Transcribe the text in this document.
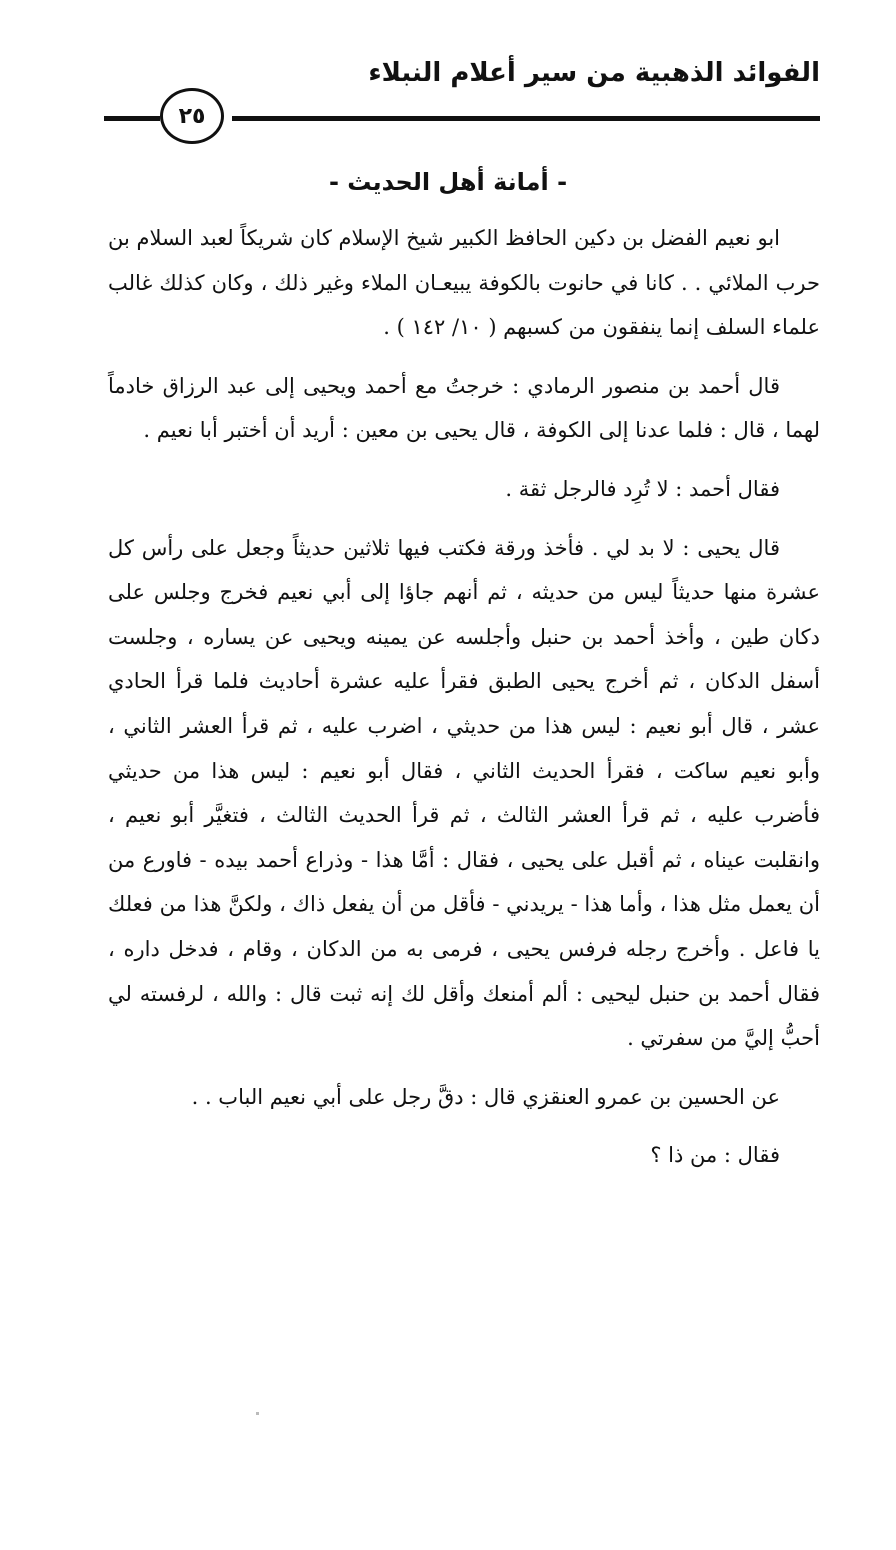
الفوائد الذهبية من سير أعلام النبلاء
٢٥
- أمانة أهل الحديث -

ابو نعيم الفضل بن دكين الحافظ الكبير شيخ الإسلام كان شريكاً لعبد السلام بن حرب الملائي . . كانا في حانوت بالكوفة يبيعـان الملاء وغير ذلك ، وكان كذلك غالب علماء السلف إنما ينفقون من كسبهم ( ١٠/ ١٤٢ ) .

قال أحمد بن منصور الرمادي : خرجتُ مع أحمد ويحيى إلى عبد الرزاق خادماً لهما ، قال : فلما عدنا إلى الكوفة ، قال يحيى بن معين : أريد أن أختبر أبا نعيم .

فقال أحمد : لا تُرِد فالرجل ثقة .

قال يحيى : لا بد لي . فأخذ ورقة فكتب فيها ثلاثين حديثاً وجعل على رأس كل عشرة منها حديثاً ليس من حديثه ، ثم أنهم جاؤا إلى أبي نعيم فخرج وجلس على دكان طين ، وأخذ أحمد بن حنبل وأجلسه عن يمينه ويحيى عن يساره ، وجلست أسفل الدكان ، ثم أخرج يحيى الطبق فقرأ عليه عشرة أحاديث فلما قرأ الحادي عشر ، قال أبو نعيم : ليس هذا من حديثي ، اضرب عليه ، ثم قرأ العشر الثاني ، وأبو نعيم ساكت ، فقرأ الحديث الثاني ، فقال أبو نعيم : ليس هذا من حديثي فأضرب عليه ، ثم قرأ العشر الثالث ، ثم قرأ الحديث الثالث ، فتغيَّر أبو نعيم ، وانقلبت عيناه ، ثم أقبل على يحيى ، فقال : أمَّا هذا - وذراع أحمد بيده - فاورع من أن يعمل مثل هذا ، وأما هذا - يريدني - فأقل من أن يفعل ذاك ، ولكنَّ هذا من فعلك يا فاعل . وأخرج رجله فرفس يحيى ، فرمى به من الدكان ، وقام ، فدخل داره ، فقال أحمد بن حنبل ليحيى : ألم أمنعك وأقل لك إنه ثبت قال : والله ، لرفسته لي أحبُّ إليَّ من سفرتي .

عن الحسين بن عمرو العنقزي قال : دقَّ رجل على أبي نعيم الباب . .

فقال : من ذا ؟
